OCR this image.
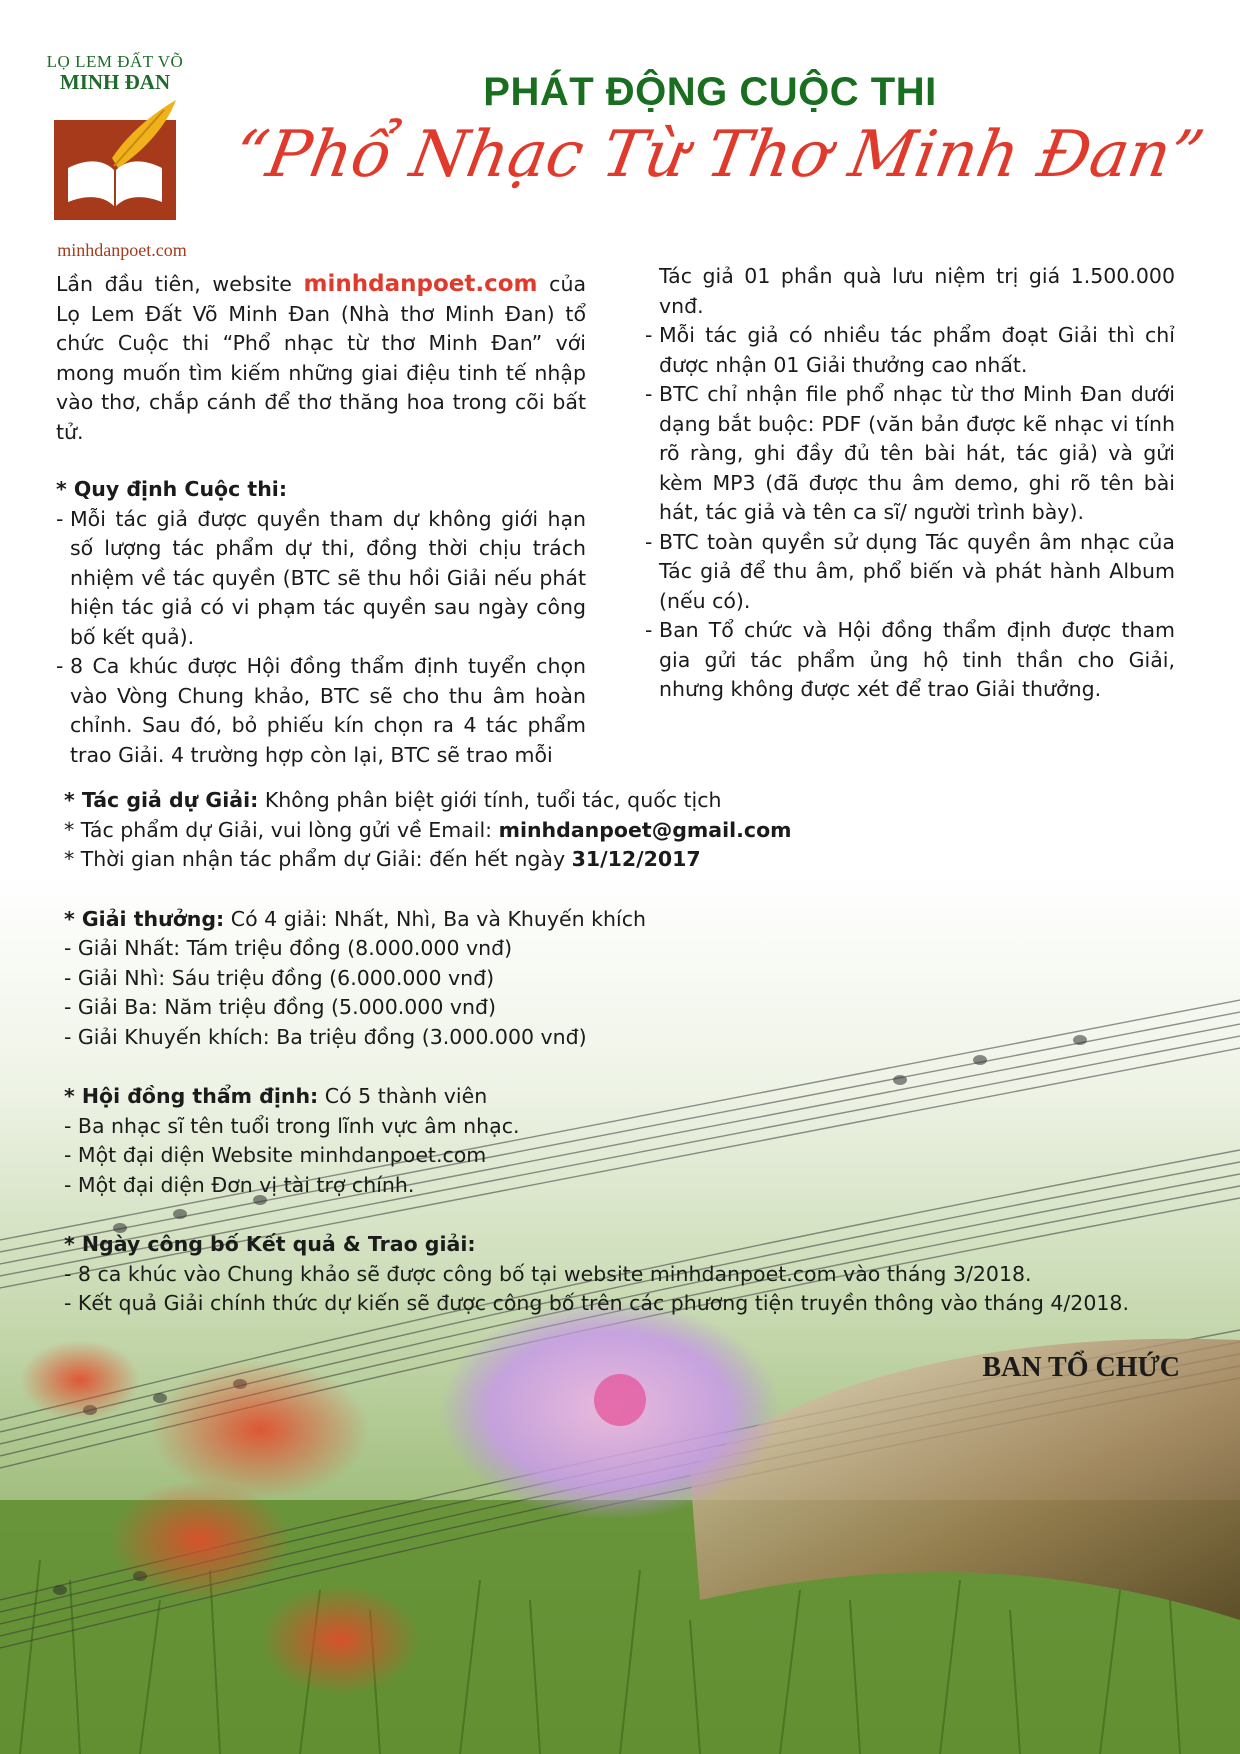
LỌ LEM ĐẤT VÕ
MINH ĐAN
minhdanpoet.com
PHÁT ĐỘNG CUỘC THI
“Phổ Nhạc Từ Thơ Minh Đan”

Lần đầu tiên, website minhdanpoet.com của Lọ Lem Đất Võ Minh Đan (Nhà thơ Minh Đan) tổ chức Cuộc thi “Phổ nhạc từ thơ Minh Đan” với mong muốn tìm kiếm những giai điệu tinh tế nhập vào thơ, chắp cánh để thơ thăng hoa trong cõi bất tử.

* Quy định Cuộc thi:

- Mỗi tác giả được quyền tham dự không giới hạn số lượng tác phẩm dự thi, đồng thời chịu trách nhiệm về tác quyền (BTC sẽ thu hồi Giải nếu phát hiện tác giả có vi phạm tác quyền sau ngày công bố kết quả).

- 8 Ca khúc được Hội đồng thẩm định tuyển chọn vào Vòng Chung khảo, BTC sẽ cho thu âm hoàn chỉnh. Sau đó, bỏ phiếu kín chọn ra 4 tác phẩm trao Giải. 4 trường hợp còn lại, BTC sẽ trao mỗi

Tác giả 01 phần quà lưu niệm trị giá 1.500.000 vnđ.

- Mỗi tác giả có nhiều tác phẩm đoạt Giải thì chỉ được nhận 01 Giải thưởng cao nhất.

- BTC chỉ nhận file phổ nhạc từ thơ Minh Đan dưới dạng bắt buộc: PDF (văn bản được kẽ nhạc vi tính rõ ràng, ghi đầy đủ tên bài hát, tác giả) và gửi kèm MP3 (đã được thu âm demo, ghi rõ tên bài hát, tác giả và tên ca sĩ/ người trình bày).

- BTC toàn quyền sử dụng Tác quyền âm nhạc của Tác giả để thu âm, phổ biến và phát hành Album (nếu có).

- Ban Tổ chức và Hội đồng thẩm định được tham gia gửi tác phẩm ủng hộ tinh thần cho Giải, nhưng không được xét để trao Giải thưởng.

* Tác giả dự Giải: Không phân biệt giới tính, tuổi tác, quốc tịch

* Tác phẩm dự Giải, vui lòng gửi về Email: minhdanpoet@gmail.com

* Thời gian nhận tác phẩm dự Giải: đến hết ngày 31/12/2017

* Giải thưởng: Có 4 giải: Nhất, Nhì, Ba và Khuyến khích

- Giải Nhất: Tám triệu đồng (8.000.000 vnđ)

- Giải Nhì: Sáu triệu đồng (6.000.000 vnđ)

- Giải Ba: Năm triệu đồng (5.000.000 vnđ)

- Giải Khuyến khích: Ba triệu đồng (3.000.000 vnđ)

* Hội đồng thẩm định: Có 5 thành viên

- Ba nhạc sĩ tên tuổi trong lĩnh vực âm nhạc.

- Một đại diện Website minhdanpoet.com

- Một đại diện Đơn vị tài trợ chính.

* Ngày công bố Kết quả & Trao giải:

- 8 ca khúc vào Chung khảo sẽ được công bố tại website minhdanpoet.com vào tháng 3/2018.

- Kết quả Giải chính thức dự kiến sẽ được công bố trên các phương tiện truyền thông vào tháng 4/2018.

BAN TỔ CHỨC
